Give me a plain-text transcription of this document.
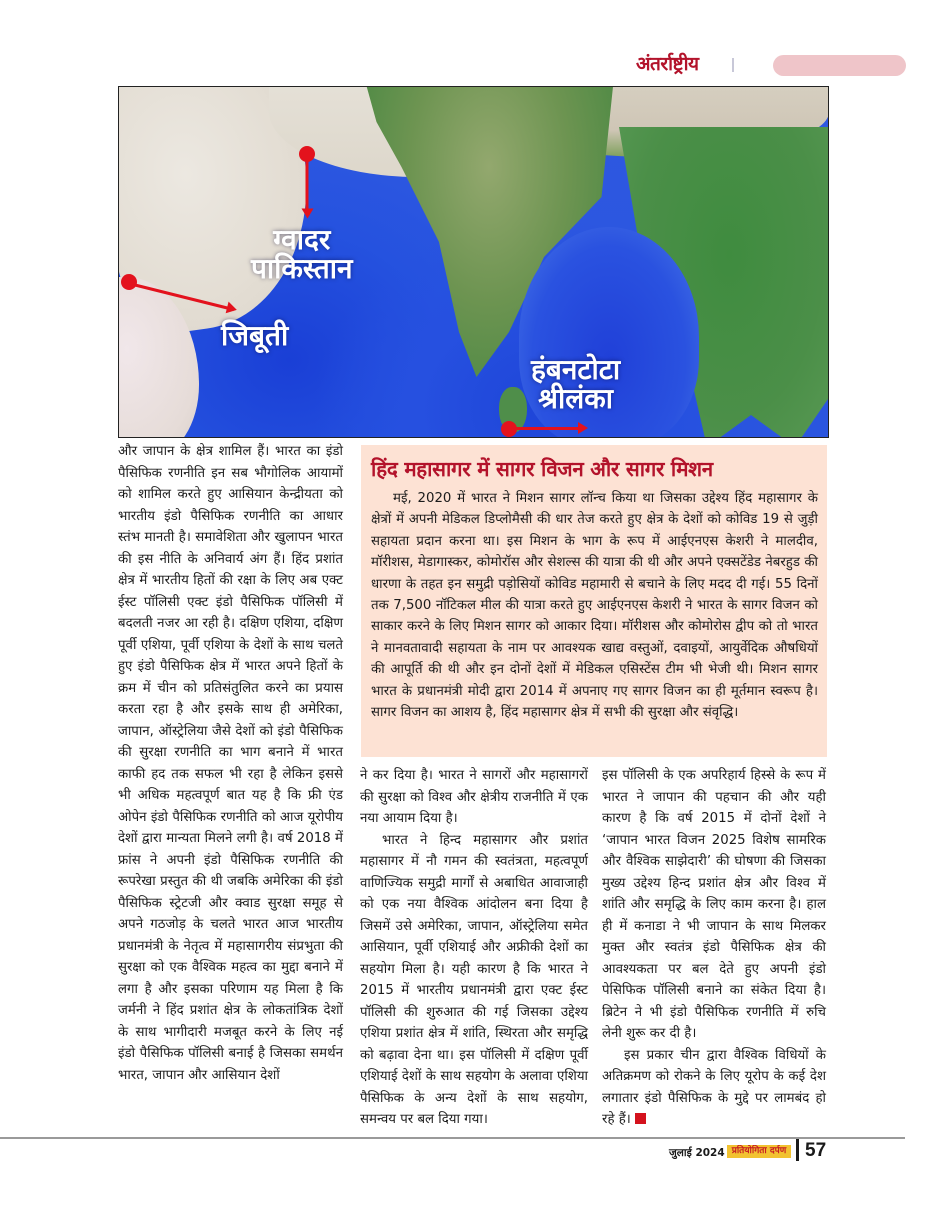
अंतर्राष्ट्रीय
ग्वादर
पाकिस्तान
जिबूती
हंबनटोटा
श्रीलंका

और जापान के क्षेत्र शामिल हैं। भारत का इंडो पैसिफिक रणनीति इन सब भौगोलिक आयामों को शामिल करते हुए आसियान केन्द्रीयता को भारतीय इंडो पैसिफिक रणनीति का आधार स्तंभ मानती है। समावेशिता और खुलापन भारत की इस नीति के अनिवार्य अंग हैं। हिंद प्रशांत क्षेत्र में भारतीय हितों की रक्षा के लिए अब एक्ट ईस्ट पॉलिसी एक्ट इंडो पैसिफिक पॉलिसी में बदलती नजर आ रही है। दक्षिण एशिया, दक्षिण पूर्वी एशिया, पूर्वी एशिया के देशों के साथ चलते हुए इंडो पैसिफिक क्षेत्र में भारत अपने हितों के क्रम में चीन को प्रतिसंतुलित करने का प्रयास करता रहा है और इसके साथ ही अमेरिका, जापान, ऑस्ट्रेलिया जैसे देशों को इंडो पैसिफिक की सुरक्षा रणनीति का भाग बनाने में भारत काफी हद तक सफल भी रहा है लेकिन इससे भी अधिक महत्वपूर्ण बात यह है कि फ्री एंड ओपेन इंडो पैसिफिक रणनीति को आज यूरोपीय देशों द्वारा मान्यता मिलने लगी है। वर्ष 2018 में फ्रांस ने अपनी इंडो पैसिफिक रणनीति की रूपरेखा प्रस्तुत की थी जबकि अमेरिका की इंडो पैसिफिक स्ट्रेटजी और क्वाड सुरक्षा समूह से अपने गठजोड़ के चलते भारत आज भारतीय प्रधानमंत्री के नेतृत्व में महासागरीय संप्रभुता की सुरक्षा को एक वैश्विक महत्व का मुद्दा बनाने में लगा है और इसका परिणाम यह मिला है कि जर्मनी ने हिंद प्रशांत क्षेत्र के लोकतांत्रिक देशों के साथ भागीदारी मजबूत करने के लिए नई इंडो पैसिफिक पॉलिसी बनाई है जिसका समर्थन भारत, जापान और आसियान देशों

हिंद महासागर में सागर विजन और सागर मिशन

मई, 2020 में भारत ने मिशन सागर लॉन्च किया था जिसका उद्देश्य हिंद महासागर के क्षेत्रों में अपनी मेडिकल डिप्लोमैसी की धार तेज करते हुए क्षेत्र के देशों को कोविड 19 से जुड़ी सहायता प्रदान करना था। इस मिशन के भाग के रूप में आईएनएस केशरी ने मालदीव, मॉरीशस, मेडागास्कर, कोमोरॉस और सेशल्स की यात्रा की थी और अपने एक्सटेंडेड नेबरहुड की धारणा के तहत इन समुद्री पड़ोसियों कोविड महामारी से बचाने के लिए मदद दी गई। 55 दिनों तक 7,500 नॉटिकल मील की यात्रा करते हुए आईएनएस केशरी ने भारत के सागर विजन को साकार करने के लिए मिशन सागर को आकार दिया। मॉरीशस और कोमोरोस द्वीप को तो भारत ने मानवतावादी सहायता के नाम पर आवश्यक खाद्य वस्तुओं, दवाइयों, आयुर्वेदिक औषधियों की आपूर्ति की थी और इन दोनों देशों में मेडिकल एसिस्टेंस टीम भी भेजी थी। मिशन सागर भारत के प्रधानमंत्री मोदी द्वारा 2014 में अपनाए गए सागर विजन का ही मूर्तमान स्वरूप है। सागर विजन का आशय है, हिंद महासागर क्षेत्र में सभी की सुरक्षा और संवृद्धि।

ने कर दिया है। भारत ने सागरों और महासागरों की सुरक्षा को विश्व और क्षेत्रीय राजनीति में एक नया आयाम दिया है।

भारत ने हिन्द महासागर और प्रशांत महासागर में नौ गमन की स्वतंत्रता, महत्वपूर्ण वाणिज्यिक समुद्री मार्गों से अबाधित आवाजाही को एक नया वैश्विक आंदोलन बना दिया है जिसमें उसे अमेरिका, जापान, ऑस्ट्रेलिया समेत आसियान, पूर्वी एशियाई और अफ्रीकी देशों का सहयोग मिला है। यही कारण है कि भारत ने 2015 में भारतीय प्रधानमंत्री द्वारा एक्ट ईस्ट पॉलिसी की शुरुआत की गई जिसका उद्देश्य एशिया प्रशांत क्षेत्र में शांति, स्थिरता और समृद्धि को बढ़ावा देना था। इस पॉलिसी में दक्षिण पूर्वी एशियाई देशों के साथ सहयोग के अलावा एशिया पैसिफिक के अन्य देशों के साथ सहयोग, समन्वय पर बल दिया गया।

इस पॉलिसी के एक अपरिहार्य हिस्से के रूप में भारत ने जापान की पहचान की और यही कारण है कि वर्ष 2015 में दोनों देशों ने ‘जापान भारत विजन 2025 विशेष सामरिक और वैश्विक साझेदारी’ की घोषणा की जिसका मुख्य उद्देश्य हिन्द प्रशांत क्षेत्र और विश्व में शांति और समृद्धि के लिए काम करना है। हाल ही में कनाडा ने भी जापान के साथ मिलकर मुक्त और स्वतंत्र इंडो पैसिफिक क्षेत्र की आवश्यकता पर बल देते हुए अपनी इंडो पेसिफिक पॉलिसी बनाने का संकेत दिया है। ब्रिटेन ने भी इंडो पैसिफिक रणनीति में रुचि लेनी शुरू कर दी है।

इस प्रकार चीन द्वारा वैश्विक विधियों के अतिक्रमण को रोकने के लिए यूरोप के कई देश लगातार इंडो पैसिफिक के मुद्दे पर लामबंद हो रहे हैं।

जुलाई 2024 प्रतियोगिता दर्पण 57
